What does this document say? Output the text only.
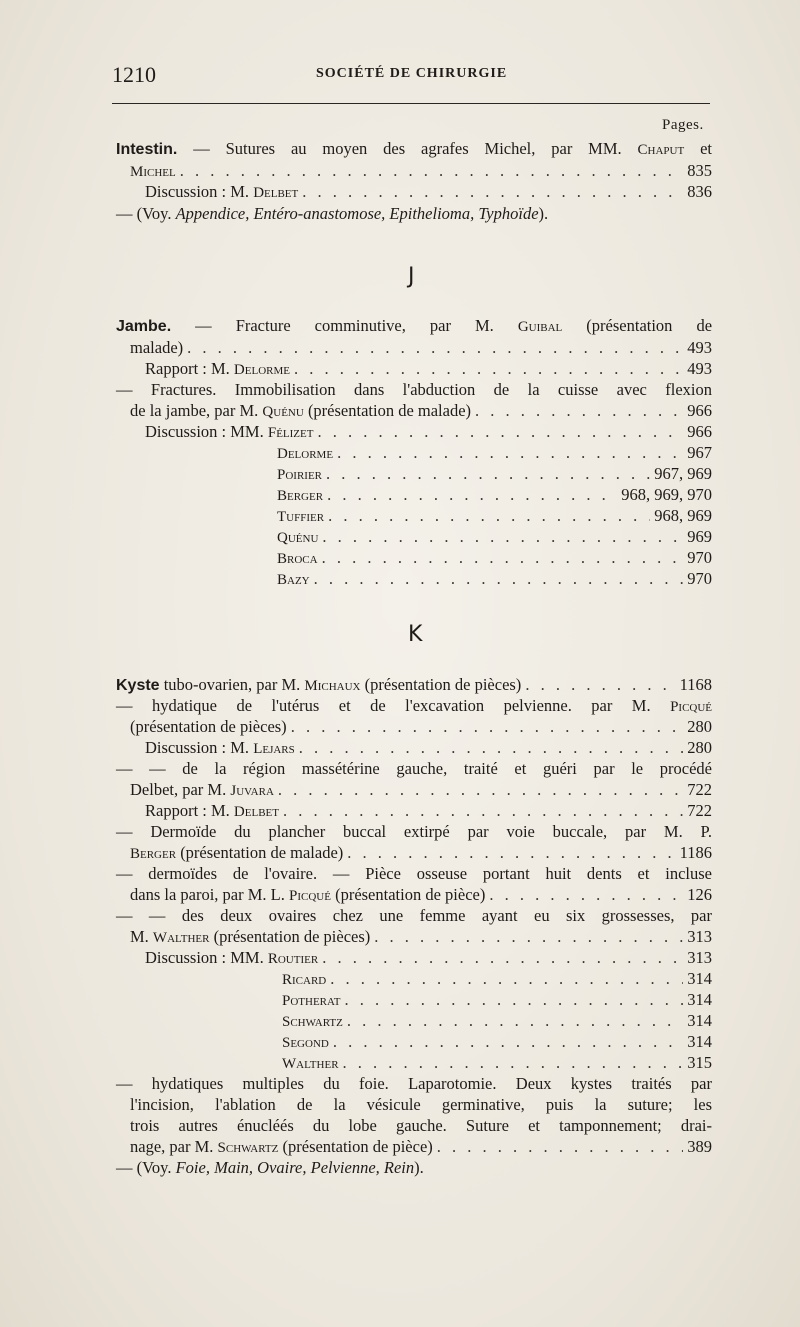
1210	SOCIÉTÉ DE CHIRURGIE
Pages.
Intestin. — Sutures au moyen des agrafes Michel, par MM. Chaput et
Michel . . .	835
Discussion : M. Delbet . . .	836
— (Voy. Appendice, Entéro-anastomose, Epithelioma, Typhoïde).
J
Jambe. — Fracture comminutive, par M. Guibal (présentation de
malade) . . .	493
Rapport : M. Delorme . . .	493
— Fractures. Immobilisation dans l'abduction de la cuisse avec flexion
de la jambe, par M. Quénu (présentation de malade) . . .	966
Discussion : MM. Félizet . . .	966
Delorme . . .	967
Poirier . . .	967, 969
Berger . . .	968, 969, 970
Tuffier . . .	968, 969
Quénu . . .	969
Broca . . .	970
Bazy . . .	970
K
Kyste tubo-ovarien, par M. Michaux (présentation de pièces) . . .	1168
— hydatique de l'utérus et de l'excavation pelvienne. par M. Picqué
(présentation de pièces) . . .	280
Discussion : M. Lejars . . .	280
— — de la région massétérine gauche, traité et guéri par le procédé
Delbet, par M. Juvara . . .	722
Rapport : M. Delbet . . .	722
— Dermoïde du plancher buccal extirpé par voie buccale, par M. P.
Berger (présentation de malade) . . .	1186
— dermoïdes de l'ovaire. — Pièce osseuse portant huit dents et incluse
dans la paroi, par M. L. Picqué (présentation de pièce) . . .	126
— — des deux ovaires chez une femme ayant eu six grossesses, par
M. Walther (présentation de pièces) . . .	313
Discussion : MM. Routier . . .	313
Ricard . . .	314
Potherat . . .	314
Schwartz . . .	314
Segond . . .	314
Walther . . .	315
— hydatiques multiples du foie. Laparotomie. Deux kystes traités par
l'incision, l'ablation de la vésicule germinative, puis la suture; les
trois autres énucléés du lobe gauche. Suture et tamponnement; drai-
nage, par M. Schwartz (présentation de pièce) . . .	389
— (Voy. Foie, Main, Ovaire, Pelvienne, Rein).
